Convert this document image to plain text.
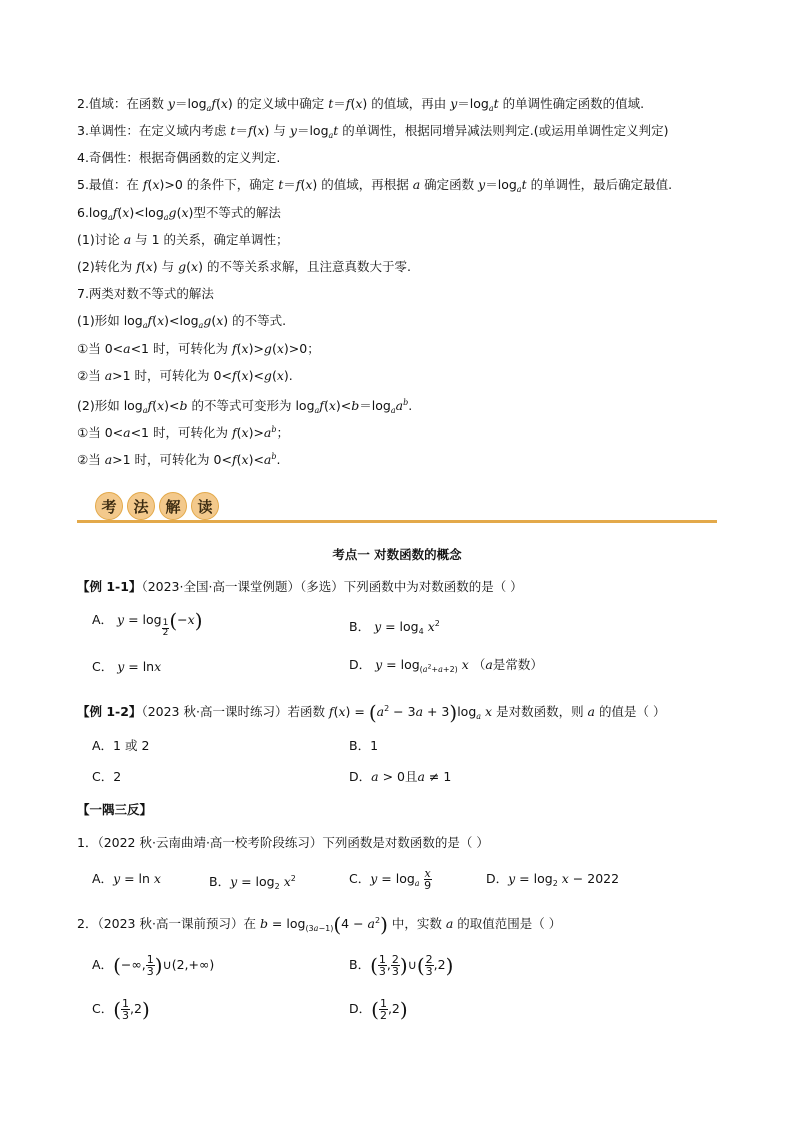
2.值域：在函数 $y=\log_af(x)$ 的定义域中确定 t＝f(x) 的值域，再由 $y=\log_at$ 的单调性确定函数的值域.
3.单调性：在定义域内考虑 t＝f(x) 与 $y=\log_at$ 的单调性，根据同增异减法则判定.(或运用单调性定义判定)
4.奇偶性：根据奇偶函数的定义判定.
5.最值：在 f(x)>0 的条件下，确定 t＝f(x) 的值域，再根据 a 确定函数 $y=\log_at$ 的单调性，最后确定最值.
$6.\log_af(x)<\log_ag(x)$型不等式的解法
(1)讨论 a 与 1 的关系，确定单调性；
(2)转化为 f(x) 与 g(x) 的不等关系求解，且注意真数大于零.
7.两类对数不等式的解法
(1)形如 $\log_af(x)<\log_ag(x)$ 的不等式.
①当 0<a<1 时，可转化为 f(x)>g(x)>0；
②当 a>1 时，可转化为 0<f(x)<g(x).
(2)形如 $\log_af(x)<b$ 的不等式可变形为 $\log_af(x)<b=\log_aa^b$.
①当 0<a<1 时，可转化为 $f(x)>a^b$；
②当 a>1 时，可转化为 $0<f(x)<a^b$.
考	法	解	读
考点一 对数函数的概念
【例 1-1】（2023·全国·高一课堂例题）（多选）下列函数中为对数函数的是（ ）
A． $y = \log \frac{1}{2} (-x)$	B． $y = \log_4 x^2$
C． y = lnx	D． $y = \log_{(a^2+a+2)} x$ （a是常数）
【例 1-2】（2023 秋·高一课时练习）若函数 $f(x) = (a^2 - 3a + 3)\log_a$ x 是对数函数，则 a 的值是（ ）
A．1 或 2	B．1
C．2	D．a > 0且a ≠ 1
【一隅三反】
1．（2022 秋·云南曲靖·高一校考阶段练习）下列函数是对数函数的是（ ）
A．y = ln x	B．$y = \log_2 x^2$	C．$y = \log_a \frac{x}{9}$	D．$y = \log_2 x - 2022$
2．（2023 秋·高一课前预习）在 $b = \log_{(3a-1)}(4 - a^2)$ 中，实数 a 的取值范围是（ ）
A．(−∞, $\frac{1}{3}$ )∪(2,+∞)	B．( $\frac{1}{3}$ , $\frac{2}{3}$ )∪( $\frac{2}{3} ,2$)
C．( $\frac{1}{3} ,2$)	D．( $\frac{1}{2} ,2$)
